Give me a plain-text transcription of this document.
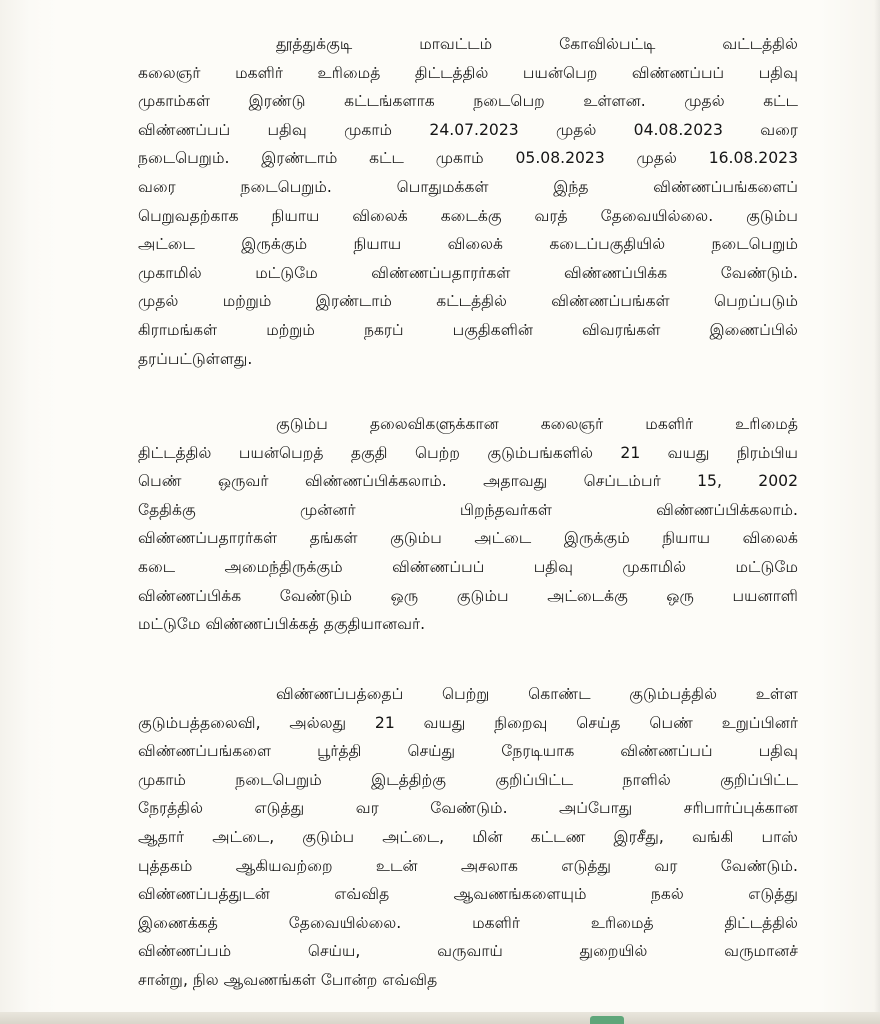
தூத்துக்குடி மாவட்டம் கோவில்பட்டி வட்டத்தில்
கலைஞர் மகளிர் உரிமைத் திட்டத்தில் பயன்பெற விண்ணப்பப் பதிவு
முகாம்கள் இரண்டு கட்டங்களாக நடைபெற உள்ளன. முதல் கட்ட
விண்ணப்பப் பதிவு முகாம் 24.07.2023 முதல் 04.08.2023 வரை
நடைபெறும். இரண்டாம் கட்ட முகாம் 05.08.2023 முதல் 16.08.2023
வரை நடைபெறும். பொதுமக்கள் இந்த விண்ணப்பங்களைப்
பெறுவதற்காக நியாய விலைக் கடைக்கு வரத் தேவையில்லை. குடும்ப
அட்டை இருக்கும் நியாய விலைக் கடைப்பகுதியில் நடைபெறும்
முகாமில் மட்டுமே விண்ணப்பதாரர்கள் விண்ணப்பிக்க வேண்டும்.
முதல் மற்றும் இரண்டாம் கட்டத்தில் விண்ணப்பங்கள் பெறப்படும்
கிராமங்கள் மற்றும் நகரப் பகுதிகளின் விவரங்கள் இணைப்பில்
தரப்பட்டுள்ளது.
குடும்ப தலைவிகளுக்கான கலைஞர் மகளிர் உரிமைத்
திட்டத்தில் பயன்பெறத் தகுதி பெற்ற குடும்பங்களில் 21 வயது நிரம்பிய
பெண் ஒருவர் விண்ணப்பிக்கலாம். அதாவது செப்டம்பர் 15, 2002
தேதிக்கு முன்னர் பிறந்தவர்கள் விண்ணப்பிக்கலாம்.
விண்ணப்பதாரர்கள் தங்கள் குடும்ப அட்டை இருக்கும் நியாய விலைக்
கடை அமைந்திருக்கும் விண்ணப்பப் பதிவு முகாமில் மட்டுமே
விண்ணப்பிக்க வேண்டும் ஒரு குடும்ப அட்டைக்கு ஒரு பயனாளி
மட்டுமே விண்ணப்பிக்கத் தகுதியானவர்.
விண்ணப்பத்தைப் பெற்று கொண்ட குடும்பத்தில் உள்ள
குடும்பத்தலைவி, அல்லது 21 வயது நிறைவு செய்த பெண் உறுப்பினர்
விண்ணப்பங்களை பூர்த்தி செய்து நேரடியாக விண்ணப்பப் பதிவு
முகாம் நடைபெறும் இடத்திற்கு குறிப்பிட்ட நாளில் குறிப்பிட்ட
நேரத்தில் எடுத்து வர வேண்டும். அப்போது சரிபார்ப்புக்கான
ஆதார் அட்டை, குடும்ப அட்டை, மின் கட்டண இரசீது, வங்கி பாஸ்
புத்தகம் ஆகியவற்றை உடன் அசலாக எடுத்து வர வேண்டும்.
விண்ணப்பத்துடன் எவ்வித ஆவணங்களையும் நகல் எடுத்து
இணைக்கத் தேவையில்லை. மகளிர் உரிமைத் திட்டத்தில்
விண்ணப்பம் செய்ய, வருவாய் துறையில் வருமானச்
சான்று, நில ஆவணங்கள் போன்ற எவ்வித
